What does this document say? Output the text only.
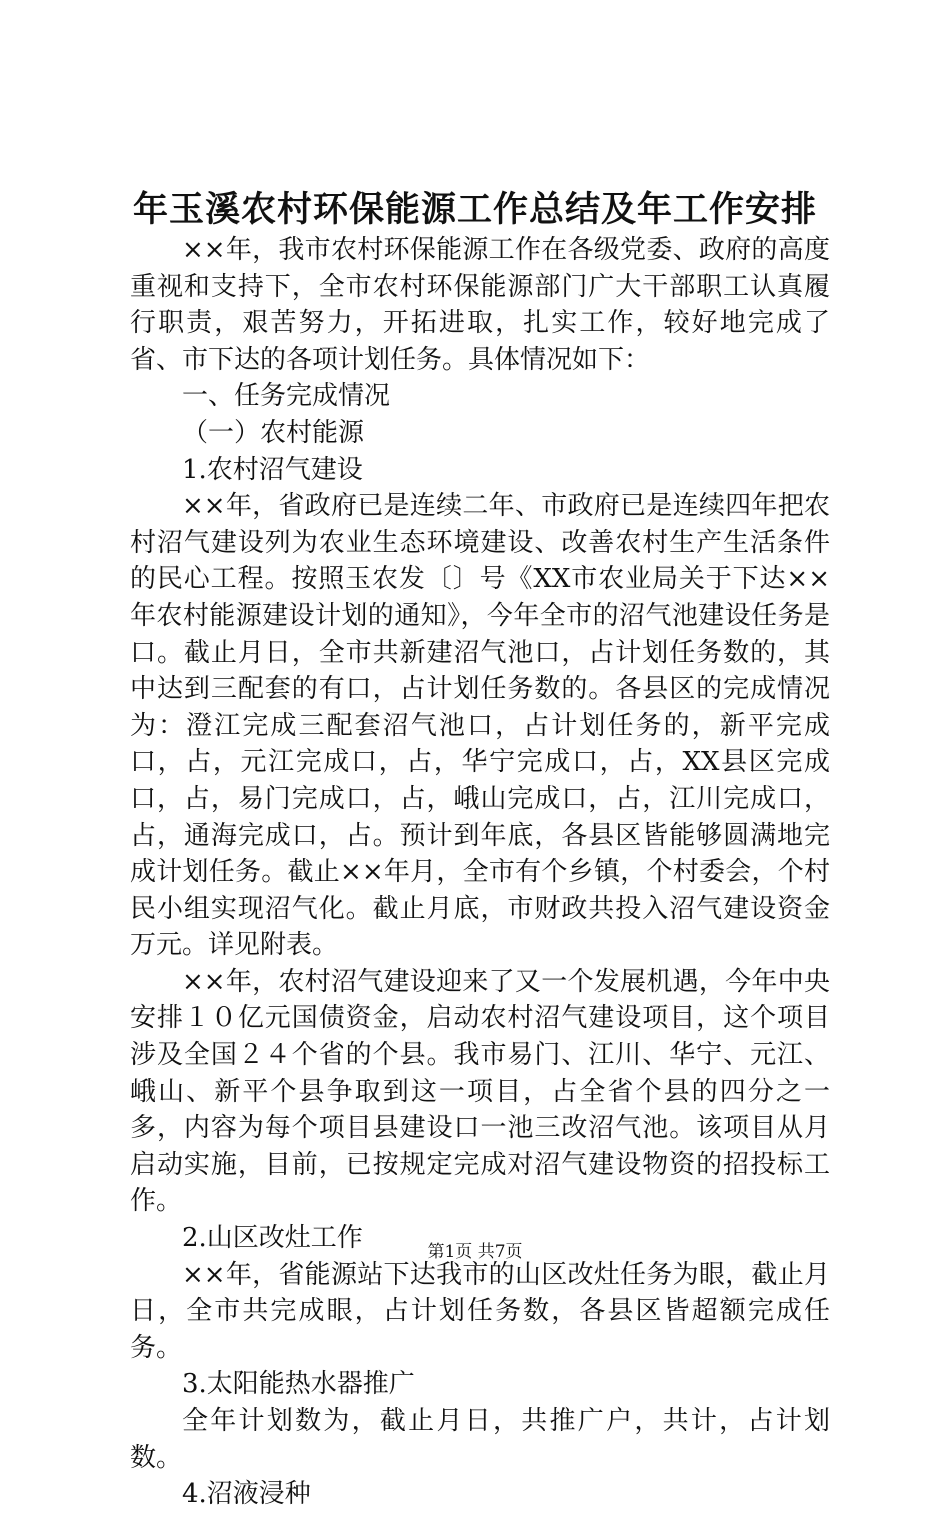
年玉溪农村环保能源工作总结及年工作安排

××年，我市农村环保能源工作在各级党委、政府的高度重视和支持下，全市农村环保能源部门广大干部职工认真履行职责，艰苦努力，开拓进取，扎实工作，较好地完成了省、市下达的各项计划任务。具体情况如下：

一、任务完成情况

（一）农村能源

1.农村沼气建设

××年，省政府已是连续二年、市政府已是连续四年把农村沼气建设列为农业生态环境建设、改善农村生产生活条件的民心工程。按照玉农发〔〕号《XX市农业局关于下达××年农村能源建设计划的通知》，今年全市的沼气池建设任务是口。截止月日，全市共新建沼气池口，占计划任务数的，其中达到三配套的有口，占计划任务数的。各县区的完成情况为：澄江完成三配套沼气池口，占计划任务的，新平完成口，占，元江完成口，占，华宁完成口，占，XX县区完成口，占，易门完成口，占，峨山完成口，占，江川完成口，占，通海完成口，占。预计到年底，各县区皆能够圆满地完成计划任务。截止××年月，全市有个乡镇，个村委会，个村民小组实现沼气化。截止月底，市财政共投入沼气建设资金万元。详见附表。

××年，农村沼气建设迎来了又一个发展机遇，今年中央安排１０亿元国债资金，启动农村沼气建设项目，这个项目涉及全国２４个省的个县。我市易门、江川、华宁、元江、峨山、新平个县争取到这一项目，占全省个县的四分之一多，内容为每个项目县建设口一池三改沼气池。该项目从月启动实施，目前，已按规定完成对沼气建设物资的招投标工作。

2.山区改灶工作

××年，省能源站下达我市的山区改灶任务为眼，截止月日，全市共完成眼，占计划任务数，各县区皆超额完成任务。

3.太阳能热水器推广

全年计划数为，截止月日，共推广户，共计，占计划数。

4.沼液浸种

第1页 共7页
